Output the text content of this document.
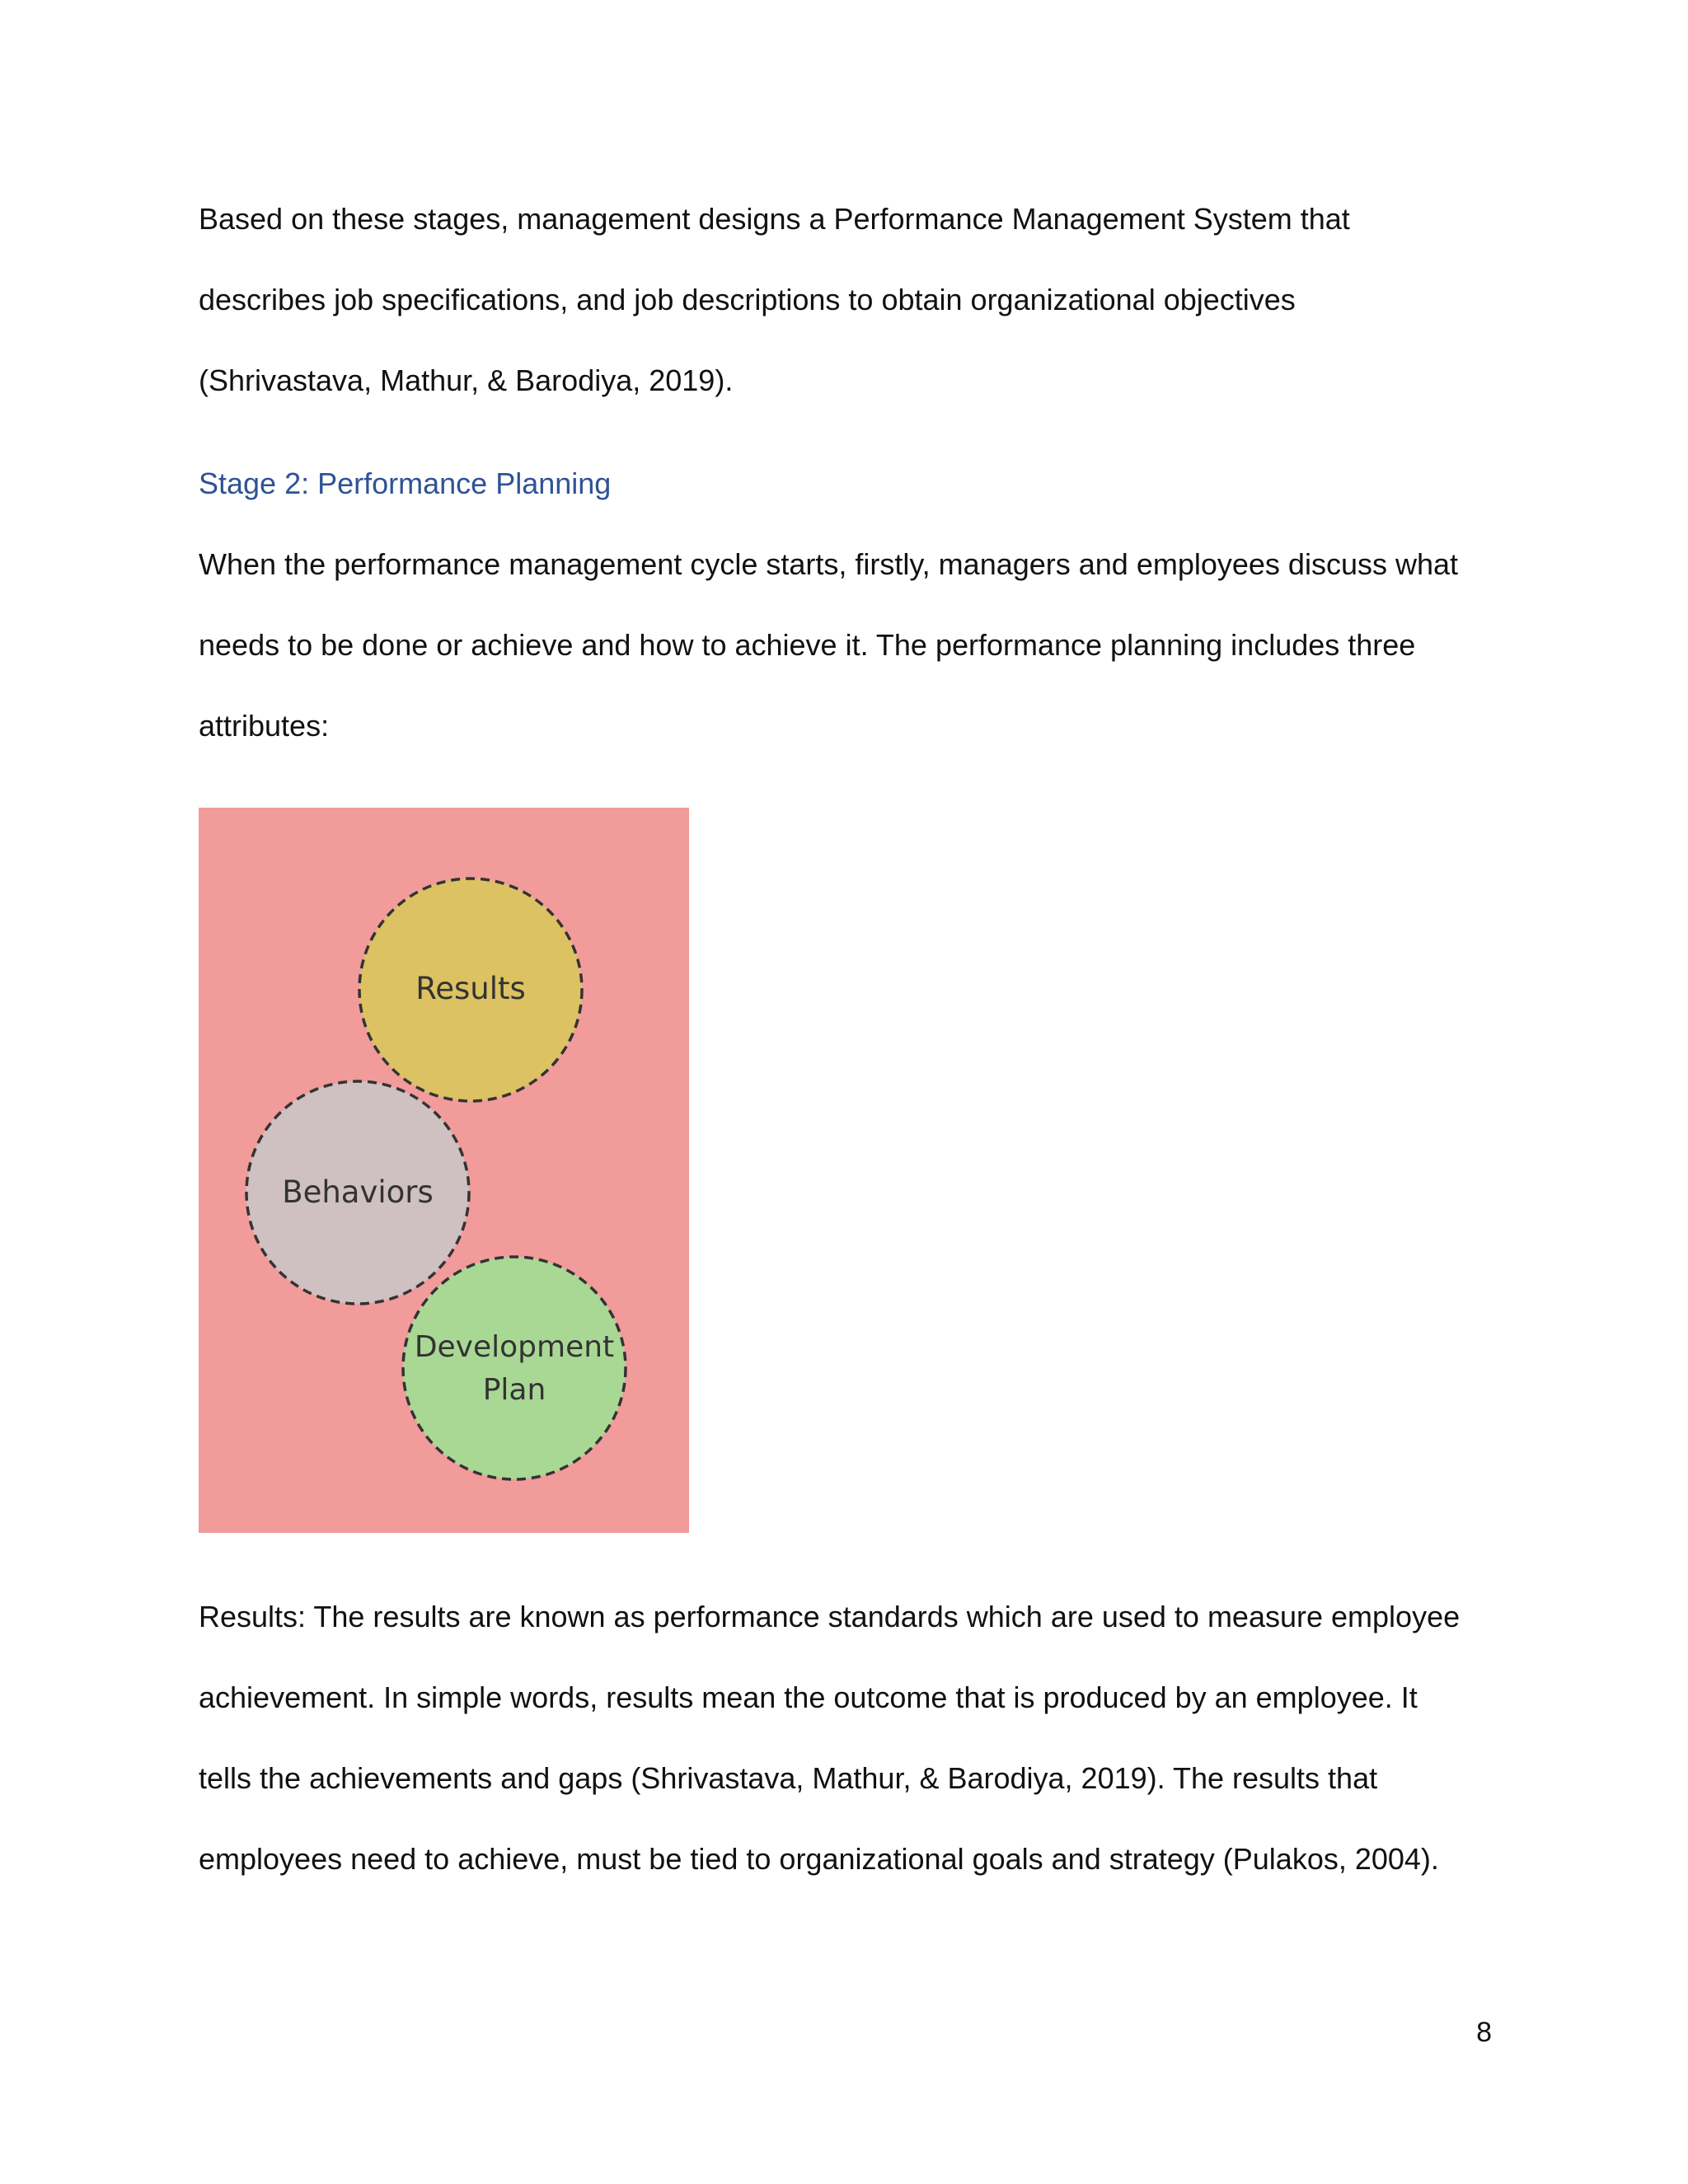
Based on these stages, management designs a Performance Management System that
describes job specifications, and job descriptions to obtain organizational objectives
(Shrivastava, Mathur, & Barodiya, 2019).
Stage 2: Performance Planning
When the performance management cycle starts, firstly, managers and employees discuss what
needs to be done or achieve and how to achieve it. The performance planning includes three
attributes:
Results
Behaviors
Development
Plan
Results: The results are known as performance standards which are used to measure employee
achievement. In simple words, results mean the outcome that is produced by an employee. It
tells the achievements and gaps (Shrivastava, Mathur, & Barodiya, 2019). The results that
employees need to achieve, must be tied to organizational goals and strategy (Pulakos, 2004).
8
